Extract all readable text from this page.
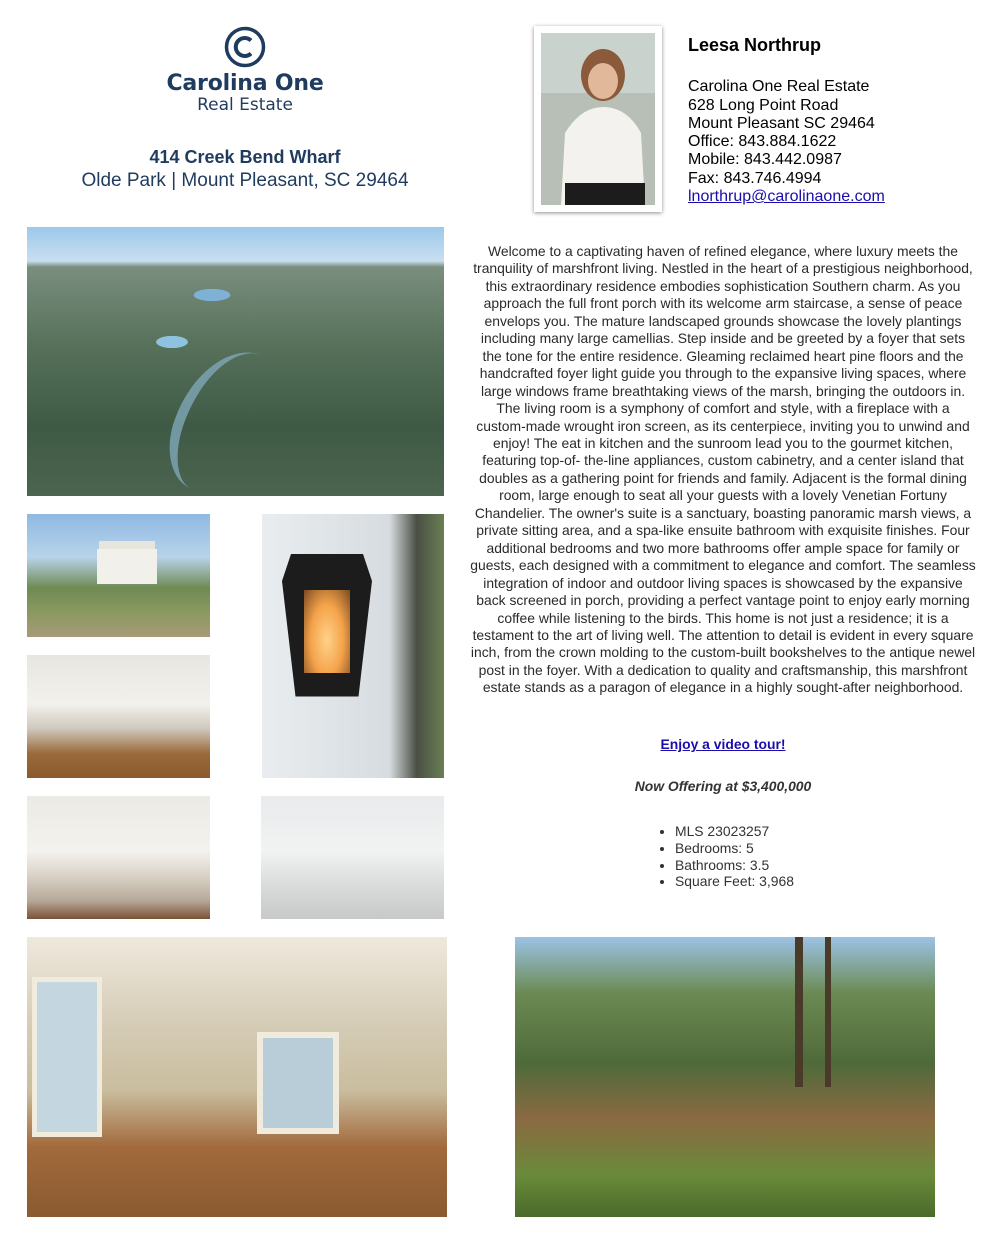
Carolina One
Real Estate
414 Creek Bend Wharf
Olde Park | Mount Pleasant, SC 29464
Leesa Northrup
Carolina One Real Estate
628 Long Point Road
Mount Pleasant SC 29464
Office: 843.884.1622
Mobile: 843.442.0987
Fax: 843.746.4994
lnorthrup@carolinaone.com

Welcome to a captivating haven of refined elegance, where luxury meets the tranquility of marshfront living. Nestled in the heart of a prestigious neighborhood, this extraordinary residence embodies sophistication Southern charm. As you approach the full front porch with its welcome arm staircase, a sense of peace envelops you. The mature landscaped grounds showcase the lovely plantings including many large camellias. Step inside and be greeted by a foyer that sets the tone for the entire residence. Gleaming reclaimed heart pine floors and the handcrafted foyer light guide you through to the expansive living spaces, where large windows frame breathtaking views of the marsh, bringing the outdoors in. The living room is a symphony of comfort and style, with a fireplace with a custom-made wrought iron screen, as its centerpiece, inviting you to unwind and enjoy! The eat in kitchen and the sunroom lead you to the gourmet kitchen, featuring top-of- the-line appliances, custom cabinetry, and a center island that doubles as a gathering point for friends and family. Adjacent is the formal dining room, large enough to seat all your guests with a lovely Venetian Fortuny Chandelier. The owner's suite is a sanctuary, boasting panoramic marsh views, a private sitting area, and a spa-like ensuite bathroom with exquisite finishes. Four additional bedrooms and two more bathrooms offer ample space for family or guests, each designed with a commitment to elegance and comfort. The seamless integration of indoor and outdoor living spaces is showcased by the expansive back screened in porch, providing a perfect vantage point to enjoy early morning coffee while listening to the birds. This home is not just a residence; it is a testament to the art of living well. The attention to detail is evident in every square inch, from the crown molding to the custom-built bookshelves to the antique newel post in the foyer. With a dedication to quality and craftsmanship, this marshfront estate stands as a paragon of elegance in a highly sought-after neighborhood.

Enjoy a video tour!
Now Offering at $3,400,000
• MLS 23023257
• Bedrooms: 5
• Bathrooms: 3.5
• Square Feet: 3,968
